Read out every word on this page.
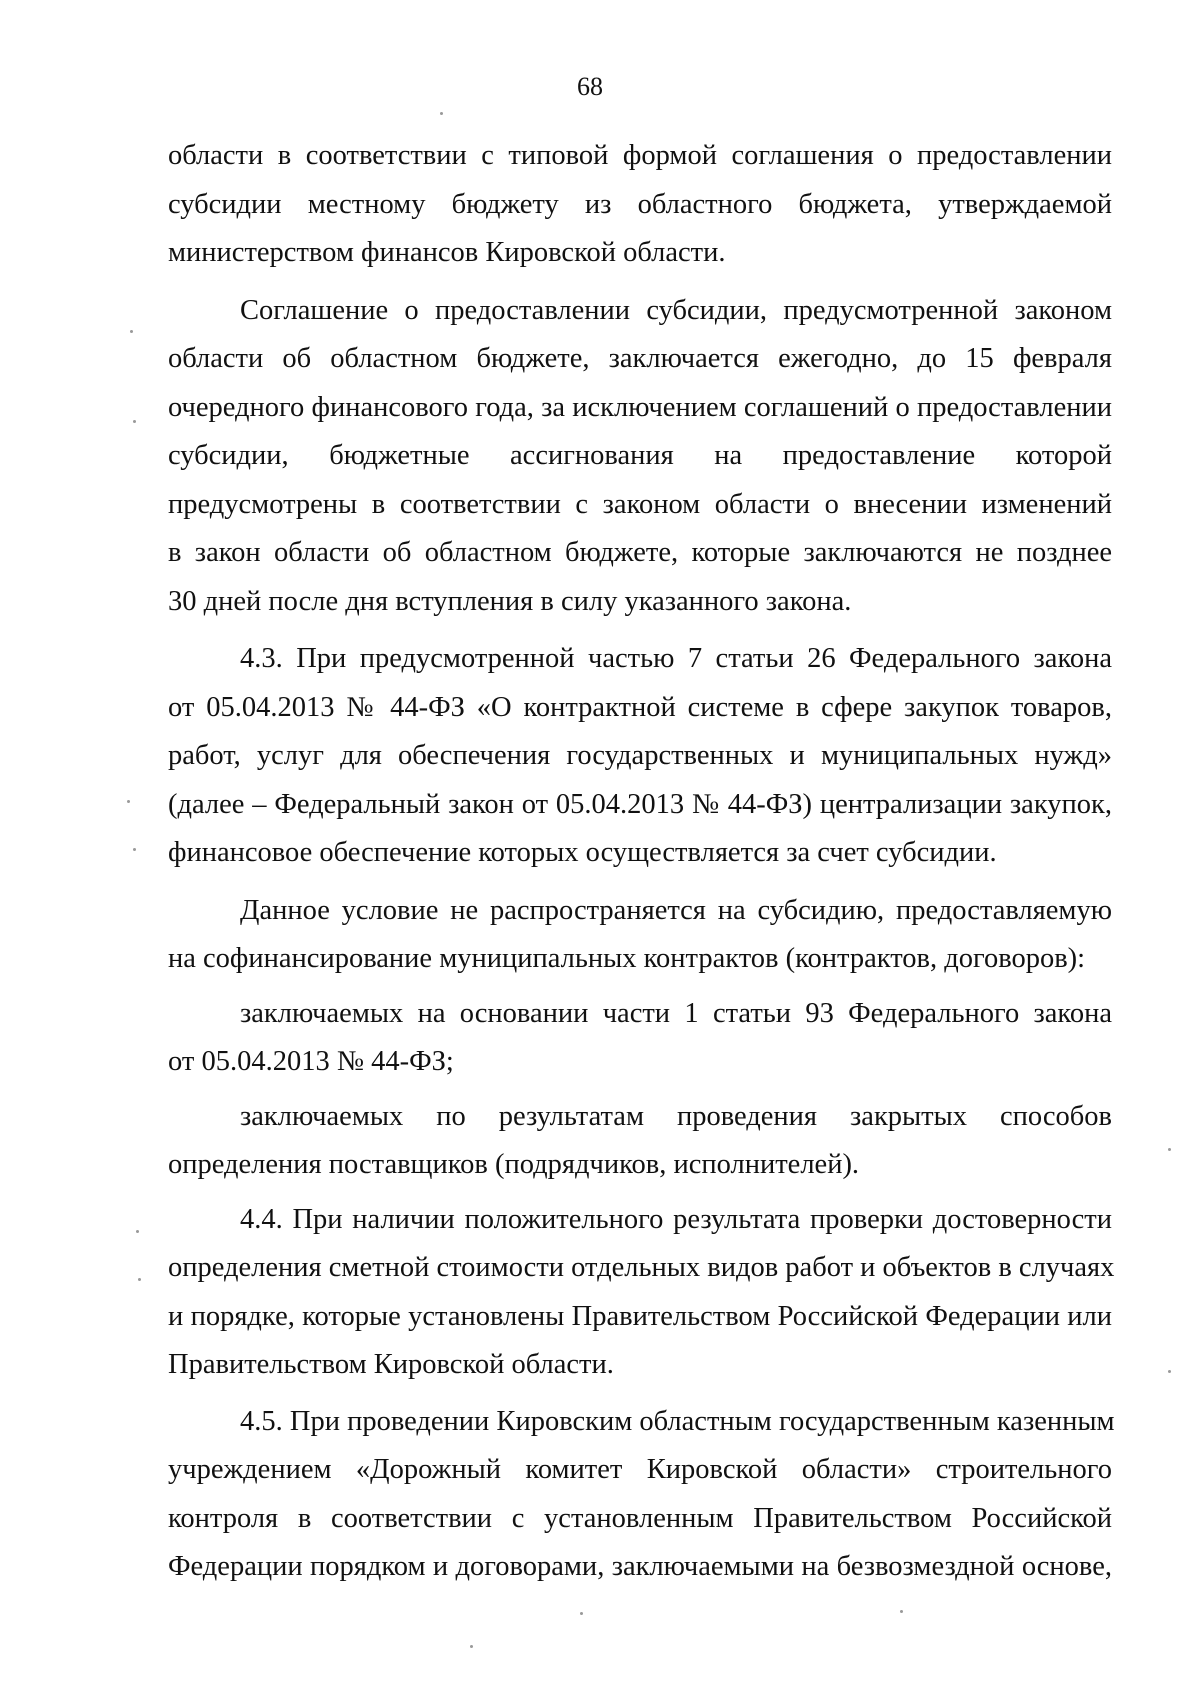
68
области в соответствии с типовой формой соглашения о предоставлении
субсидии местному бюджету из областного бюджета, утверждаемой
министерством финансов Кировской области.
Соглашение о предоставлении субсидии, предусмотренной законом
области об областном бюджете, заключается ежегодно, до 15 февраля
очередного финансового года, за исключением соглашений о предоставлении
субсидии, бюджетные ассигнования на предоставление которой
предусмотрены в соответствии с законом области о внесении изменений
в закон области об областном бюджете, которые заключаются не позднее
30 дней после дня вступления в силу указанного закона.
4.3. При предусмотренной частью 7 статьи 26 Федерального закона
от 05.04.2013 № 44-ФЗ «О контрактной системе в сфере закупок товаров,
работ, услуг для обеспечения государственных и муниципальных нужд»
(далее – Федеральный закон от 05.04.2013 № 44-ФЗ) централизации закупок,
финансовое обеспечение которых осуществляется за счет субсидии.
Данное условие не распространяется на субсидию, предоставляемую
на софинансирование муниципальных контрактов (контрактов, договоров):
заключаемых на основании части 1 статьи 93 Федерального закона
от 05.04.2013 № 44-ФЗ;
заключаемых по результатам проведения закрытых способов
определения поставщиков (подрядчиков, исполнителей).
4.4. При наличии положительного результата проверки достоверности
определения сметной стоимости отдельных видов работ и объектов в случаях
и порядке, которые установлены Правительством Российской Федерации или
Правительством Кировской области.
4.5. При проведении Кировским областным государственным казенным
учреждением «Дорожный комитет Кировской области» строительного
контроля в соответствии с установленным Правительством Российской
Федерации порядком и договорами, заключаемыми на безвозмездной основе,
